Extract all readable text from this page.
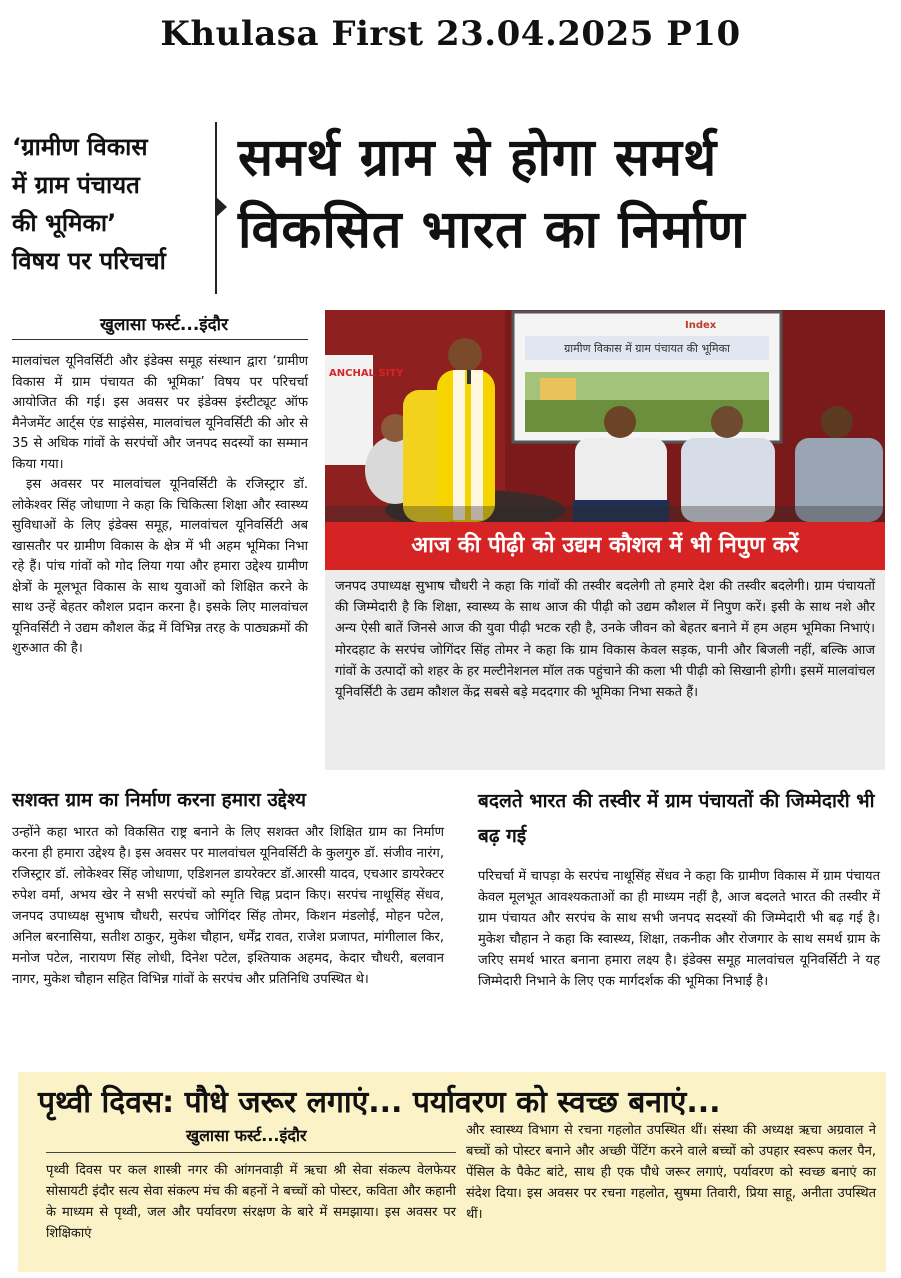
Khulasa First 23.04.2025 P10
‘ग्रामीण विकास
में ग्राम पंचायत
की भूमिका’
विषय पर परिचर्चा
समर्थ ग्राम से होगा समर्थ
विकसित भारत का निर्माण
खुलासा फर्स्ट...इंदौर

मालवांचल यूनिवर्सिटी और इंडेक्स समूह संस्थान द्वारा ‘ग्रामीण विकास में ग्राम पंचायत की भूमिका’ विषय पर परिचर्चा आयोजित की गई। इस अवसर पर इंडेक्स इंस्टीट्यूट ऑफ मैनेजमेंट आर्ट्स एंड साइंसेस, मालवांचल यूनिवर्सिटी की ओर से 35 से अधिक गांवों के सरपंचों और जनपद सदस्यों का सम्मान किया गया।

इस अवसर पर मालवांचल यूनिवर्सिटी के रजिस्ट्रार डॉ. लोकेश्वर सिंह जोधाणा ने कहा कि चिकित्सा शिक्षा और स्वास्थ्य सुविधाओं के लिए इंडेक्स समूह, मालवांचल यूनिवर्सिटी अब खासतौर पर ग्रामीण विकास के क्षेत्र में भी अहम भूमिका निभा रहे हैं। पांच गांवों को गोद लिया गया और हमारा उद्देश्य ग्रामीण क्षेत्रों के मूलभूत विकास के साथ युवाओं को शिक्षित करने के साथ उन्हें बेहतर कौशल प्रदान करना है। इसके लिए मालवांचल यूनिवर्सिटी ने उद्यम कौशल केंद्र में विभिन्न तरह के पाठ्यक्रमों की शुरुआत की है।

ANCHAL SITY
ग्रामीण विकास में ग्राम पंचायत की भूमिका
Index
आज की पीढ़ी को उद्यम कौशल में भी निपुण करें
जनपद उपाध्यक्ष सुभाष चौधरी ने कहा कि गांवों की तस्वीर बदलेगी तो हमारे देश की तस्वीर बदलेगी। ग्राम पंचायतों की जिम्मेदारी है कि शिक्षा, स्वास्थ्य के साथ आज की पीढ़ी को उद्यम कौशल में निपुण करें। इसी के साथ नशे और अन्य ऐसी बातें जिनसे आज की युवा पीढ़ी भटक रही है, उनके जीवन को बेहतर बनाने में हम अहम भूमिका निभाएं। मोरदहाट के सरपंच जोगिंदर सिंह तोमर ने कहा कि ग्राम विकास केवल सड़क, पानी और बिजली नहीं, बल्कि आज गांवों के उत्पादों को शहर के हर मल्टीनेशनल मॉल तक पहुंचाने की कला भी पीढ़ी को सिखानी होगी। इसमें मालवांचल यूनिवर्सिटी के उद्यम कौशल केंद्र सबसे बड़े मददगार की भूमिका निभा सकते हैं।
सशक्त ग्राम का निर्माण करना हमारा उद्देश्य
उन्होंने कहा भारत को विकसित राष्ट्र बनाने के लिए सशक्त और शिक्षित ग्राम का निर्माण करना ही हमारा उद्देश्य है। इस अवसर पर मालवांचल यूनिवर्सिटी के कुलगुरु डॉ. संजीव नारंग, रजिस्ट्रार डॉ. लोकेश्वर सिंह जोधाणा, एडिशनल डायरेक्टर डॉ.आरसी यादव, एचआर डायरेक्टर रुपेश वर्मा, अभय खेर ने सभी सरपंचों को स्मृति चिह्न प्रदान किए। सरपंच नाथूसिंह सेंधव, जनपद उपाध्यक्ष सुभाष चौधरी, सरपंच जोगिंदर सिंह तोमर, किशन मंडलोई, मोहन पटेल, अनिल बरनासिया, सतीश ठाकुर, मुकेश चौहान, धर्मेंद्र रावत, राजेश प्रजापत, मांगीलाल किर, मनोज पटेल, नारायण सिंह लोधी, दिनेश पटेल, इश्तियाक अहमद, केदार चौधरी, बलवान नागर, मुकेश चौहान सहित विभिन्न गांवों के सरपंच और प्रतिनिधि उपस्थित थे।
बदलते भारत की तस्वीर में ग्राम पंचायतों की जिम्मेदारी भी बढ़ गई
परिचर्चा में चापड़ा के सरपंच नाथूसिंह सेंधव ने कहा कि ग्रामीण विकास में ग्राम पंचायत केवल मूलभूत आवश्यकताओं का ही माध्यम नहीं है, आज बदलते भारत की तस्वीर में ग्राम पंचायत और सरपंच के साथ सभी जनपद सदस्यों की जिम्मेदारी भी बढ़ गई है। मुकेश चौहान ने कहा कि स्वास्थ्य, शिक्षा, तकनीक और रोजगार के साथ समर्थ ग्राम के जरिए समर्थ भारत बनाना हमारा लक्ष्य है। इंडेक्स समूह मालवांचल यूनिवर्सिटी ने यह जिम्मेदारी निभाने के लिए एक मार्गदर्शक की भूमिका निभाई है।
पृथ्वी दिवस: पौधे जरूर लगाएं... पर्यावरण को स्वच्छ बनाएं...
खुलासा फर्स्ट...इंदौर
पृथ्वी दिवस पर कल शास्त्री नगर की आंगनवाड़ी में ऋचा श्री सेवा संकल्प वेलफेयर सोसायटी इंदौर सत्य सेवा संकल्प मंच की बहनों ने बच्चों को पोस्टर, कविता और कहानी के माध्यम से पृथ्वी, जल और पर्यावरण संरक्षण के बारे में समझाया। इस अवसर पर शिक्षिकाएं
और स्वास्थ्य विभाग से रचना गहलोत उपस्थित थीं। संस्था की अध्यक्ष ऋचा अग्रवाल ने बच्चों को पोस्टर बनाने और अच्छी पेंटिंग करने वाले बच्चों को उपहार स्वरूप कलर पैन, पेंसिल के पैकेट बांटे, साथ ही एक पौधे जरूर लगाएं, पर्यावरण को स्वच्छ बनाएं का संदेश दिया। इस अवसर पर रचना गहलोत, सुषमा तिवारी, प्रिया साहू, अनीता उपस्थित थीं।
